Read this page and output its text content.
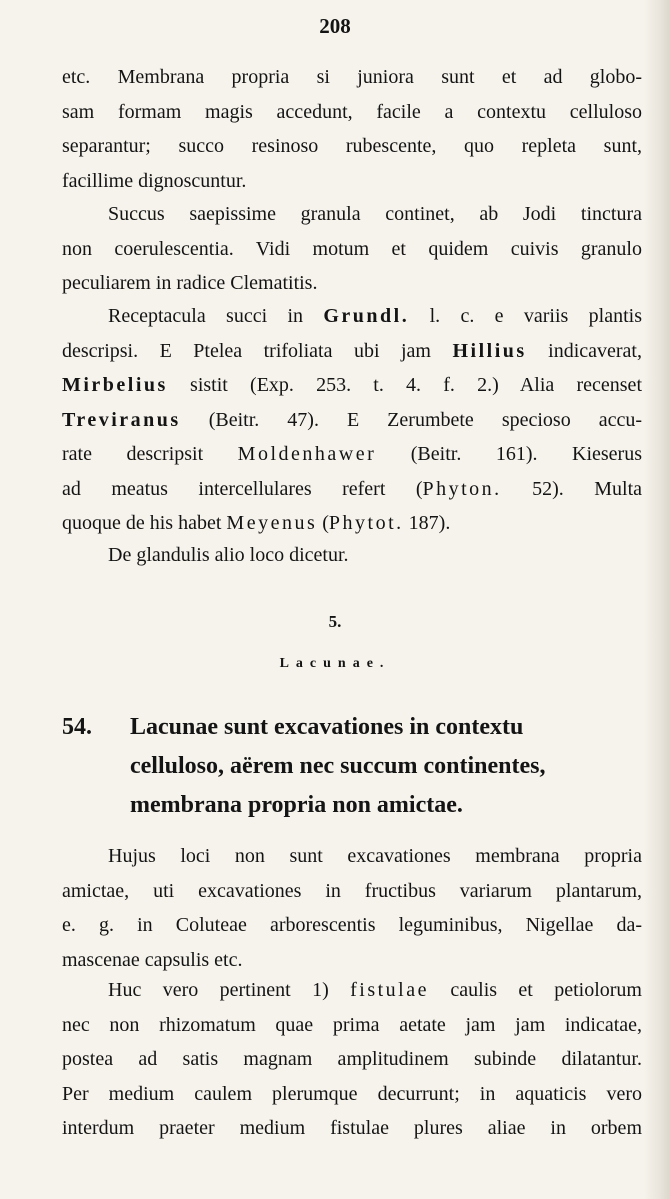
208
etc. Membrana propria si juniora sunt et ad globo-
sam formam magis accedunt, facile a contextu celluloso
separantur; succo resinoso rubescente, quo repleta sunt,
facillime dignoscuntur.
Succus saepissime granula continet, ab Jodi tinctura
non coerulescentia. Vidi motum et quidem cuivis granulo
peculiarem in radice Clematitis.
Receptacula succi in Grundl. l. c. e variis plantis
descripsi. E Ptelea trifoliata ubi jam Hillius indicaverat,
Mirbelius sistit (Exp. 253. t. 4. f. 2.) Alia recenset
Treviranus (Beitr. 47). E Zerumbete specioso accu-
rate descripsit Moldenhawer (Beitr. 161). Kieserus
ad meatus intercellulares refert (Phyton. 52). Multa
quoque de his habet Meyenus (Phytot. 187).
De glandulis alio loco dicetur.
5.
Lacunae.
54. Lacunae sunt excavationes in contextu
celluloso, aërem nec succum continentes,
membrana propria non amictae.
Hujus loci non sunt excavationes membrana propria
amictae, uti excavationes in fructibus variarum plantarum,
e. g. in Coluteae arborescentis leguminibus, Nigellae da-
mascenae capsulis etc.
Huc vero pertinent 1) fistulae caulis et petiolorum
nec non rhizomatum quae prima aetate jam jam indicatae,
postea ad satis magnam amplitudinem subinde dilatantur.
Per medium caulem plerumque decurrunt; in aquaticis vero
interdum praeter medium fistulae plures aliae in orbem
